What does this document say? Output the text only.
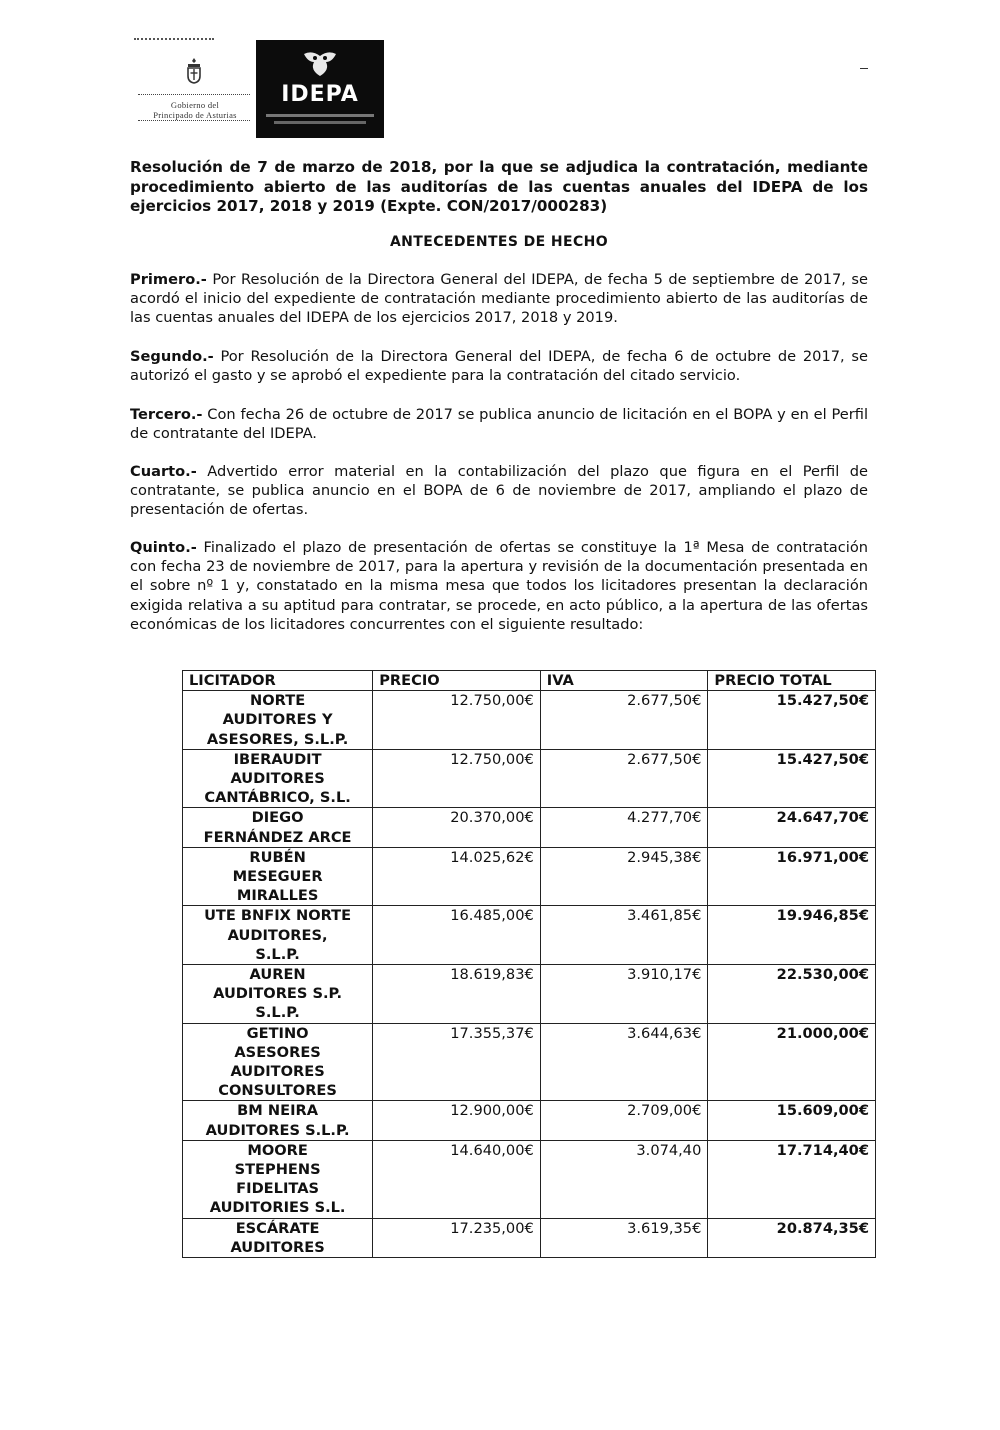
Gobierno del
Principado de Asturias
IDEPA
Resolución de 7 de marzo de 2018, por la que se adjudica la contratación, mediante procedimiento abierto de las auditorías de las cuentas anuales del IDEPA de los ejercicios 2017, 2018 y 2019 (Expte. CON/2017/000283)
ANTECEDENTES DE HECHO
Primero.- Por Resolución de la Directora General del IDEPA, de fecha 5 de septiembre de 2017, se acordó el inicio del expediente de contratación mediante procedimiento abierto de las auditorías de las cuentas anuales del IDEPA de los ejercicios 2017, 2018 y 2019.
Segundo.- Por Resolución de la Directora General del IDEPA, de fecha 6 de octubre de 2017, se autorizó el gasto y se aprobó el expediente para la contratación del citado servicio.
Tercero.- Con fecha 26 de octubre de 2017 se publica anuncio de licitación en el BOPA y en el Perfil de contratante del IDEPA.
Cuarto.- Advertido error material en la contabilización del plazo que figura en el Perfil de contratante, se publica anuncio en el BOPA de 6 de noviembre de 2017, ampliando el plazo de presentación de ofertas.
Quinto.- Finalizado el plazo de presentación de ofertas se constituye la 1ª Mesa de contratación con fecha 23 de noviembre de 2017, para la apertura y revisión de la documentación presentada en el sobre nº 1 y, constatado en la misma mesa que todos los licitadores presentan la declaración exigida relativa a su aptitud para contratar, se procede, en acto público, a la apertura de las ofertas económicas de los licitadores concurrentes con el siguiente resultado:
LICITADOR	PRECIO	IVA	PRECIO TOTAL

NORTE
AUDITORES Y
ASESORES, S.L.P.	12.750,00€	2.677,50€	15.427,50€

IBERAUDIT
AUDITORES
CANTÁBRICO, S.L.	12.750,00€	2.677,50€	15.427,50€

DIEGO
FERNÁNDEZ ARCE	20.370,00€	4.277,70€	24.647,70€

RUBÉN
MESEGUER
MIRALLES	14.025,62€	2.945,38€	16.971,00€

UTE BNFIX NORTE
AUDITORES,
S.L.P.	16.485,00€	3.461,85€	19.946,85€

AUREN
AUDITORES S.P.
S.L.P.	18.619,83€	3.910,17€	22.530,00€

GETINO
ASESORES
AUDITORES
CONSULTORES	17.355,37€	3.644,63€	21.000,00€

BM NEIRA
AUDITORES S.L.P.	12.900,00€	2.709,00€	15.609,00€

MOORE
STEPHENS
FIDELITAS
AUDITORIES S.L.	14.640,00€	3.074,40	17.714,40€

ESCÁRATE
AUDITORES	17.235,00€	3.619,35€	20.874,35€
